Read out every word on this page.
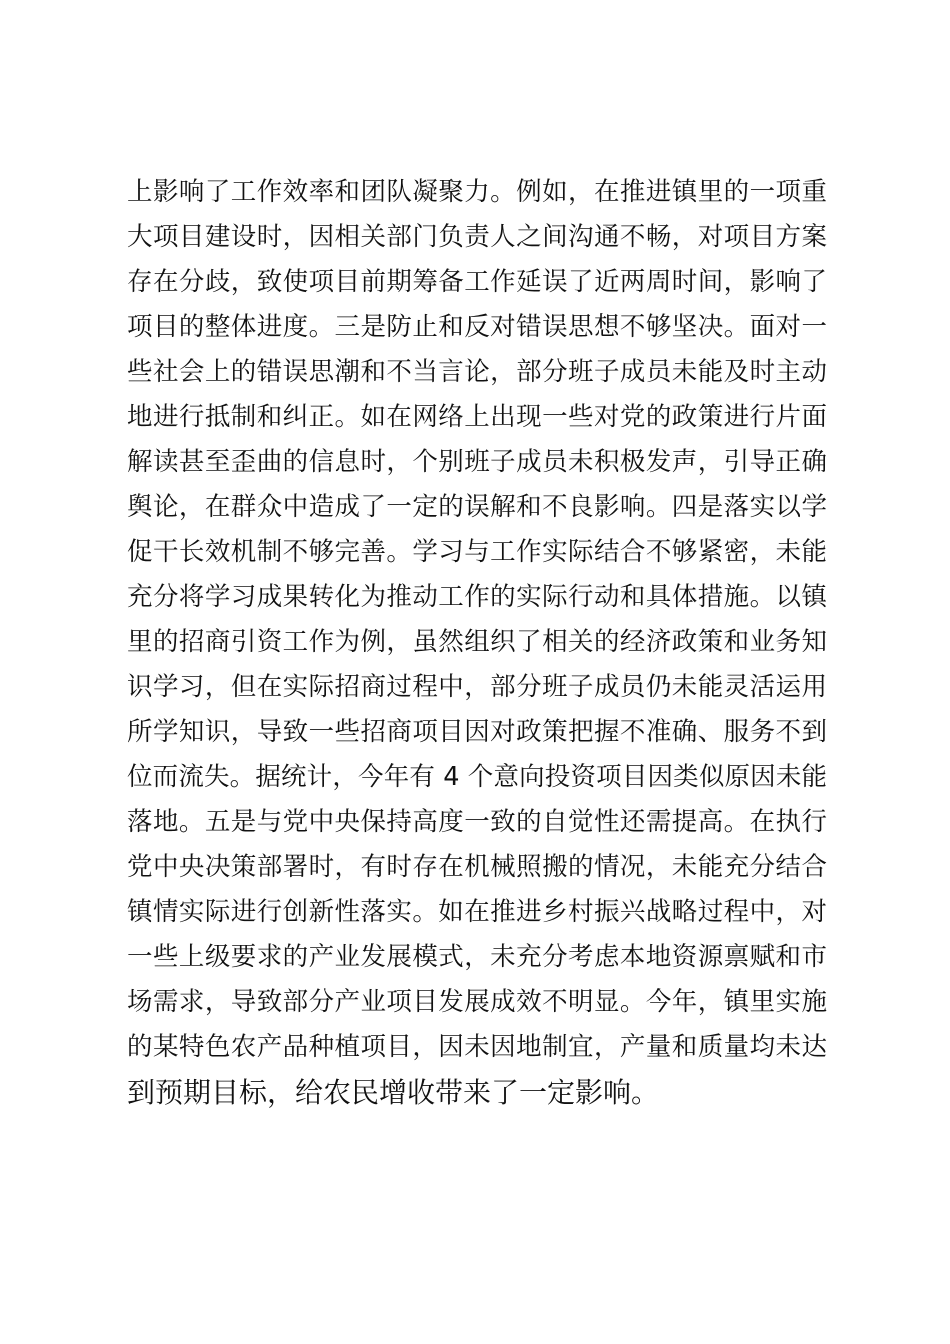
上影响了工作效率和团队凝聚力。例如，在推进镇里的一项重
大项目建设时，因相关部门负责人之间沟通不畅，对项目方案
存在分歧，致使项目前期筹备工作延误了近两周时间，影响了
项目的整体进度。三是防止和反对错误思想不够坚决。面对一
些社会上的错误思潮和不当言论，部分班子成员未能及时主动
地进行抵制和纠正。如在网络上出现一些对党的政策进行片面
解读甚至歪曲的信息时，个别班子成员未积极发声，引导正确
舆论，在群众中造成了一定的误解和不良影响。四是落实以学
促干长效机制不够完善。学习与工作实际结合不够紧密，未能
充分将学习成果转化为推动工作的实际行动和具体措施。以镇
里的招商引资工作为例，虽然组织了相关的经济政策和业务知
识学习，但在实际招商过程中，部分班子成员仍未能灵活运用
所学知识，导致一些招商项目因对政策把握不准确、服务不到
位而流失。据统计，今年有 4 个意向投资项目因类似原因未能
落地。五是与党中央保持高度一致的自觉性还需提高。在执行
党中央决策部署时，有时存在机械照搬的情况，未能充分结合
镇情实际进行创新性落实。如在推进乡村振兴战略过程中，对
一些上级要求的产业发展模式，未充分考虑本地资源禀赋和市
场需求，导致部分产业项目发展成效不明显。今年，镇里实施
的某特色农产品种植项目，因未因地制宜，产量和质量均未达
到预期目标，给农民增收带来了一定影响。
